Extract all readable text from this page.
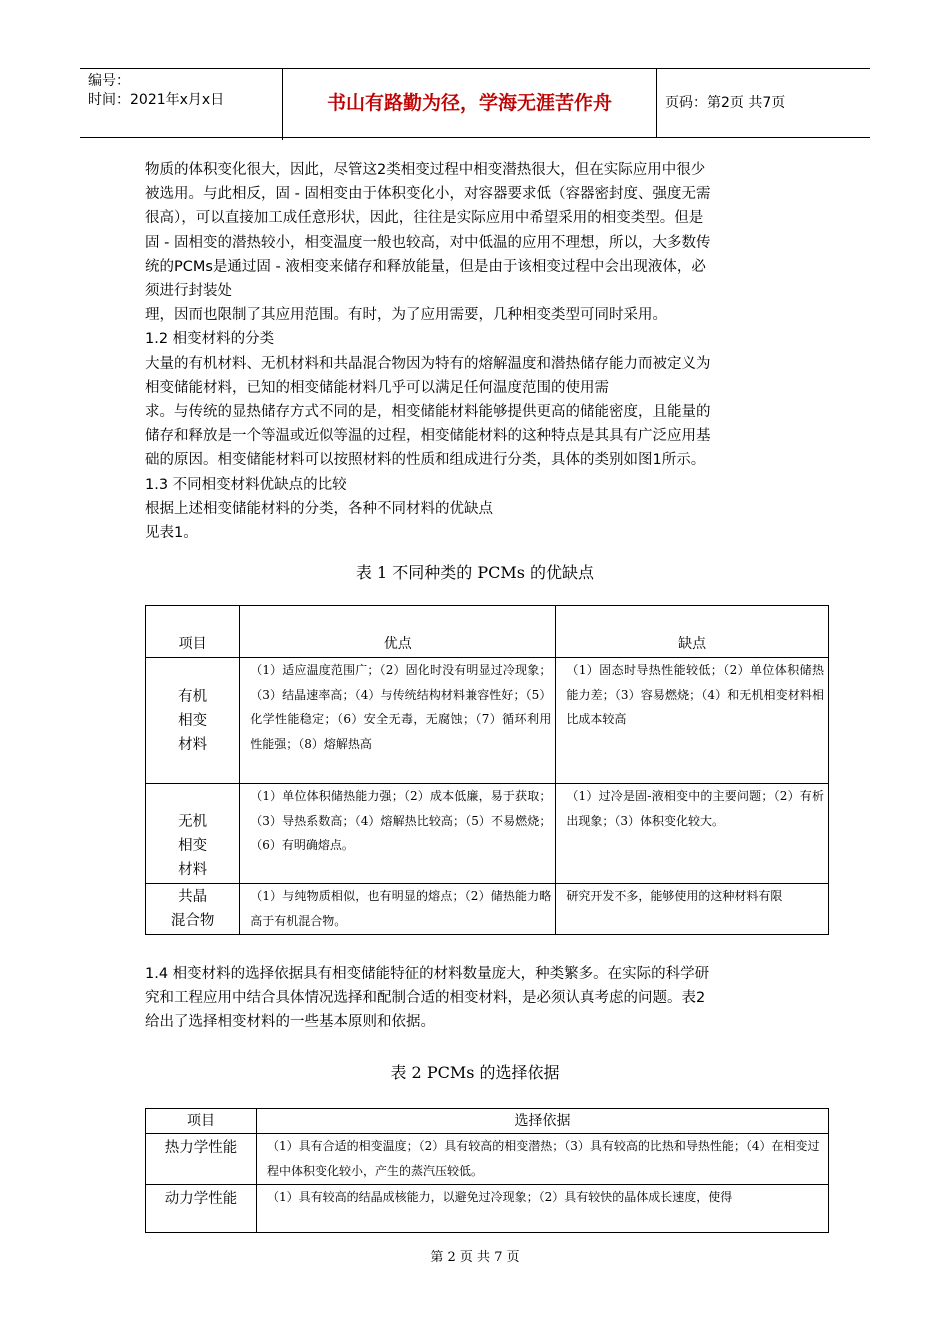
编号：
时间：2021年x月x日	书山有路勤为径，学海无涯苦作舟	页码：第2页 共7页
物质的体积变化很大，因此，尽管这2类相变过程中相变潜热很大，但在实际应用中很少
被选用。与此相反，固 - 固相变由于体积变化小，对容器要求低（容器密封度、强度无需
很高），可以直接加工成任意形状，因此，往往是实际应用中希望采用的相变类型。但是
固 - 固相变的潜热较小，相变温度一般也较高，对中低温的应用不理想，所以，大多数传
统的PCMs是通过固 - 液相变来储存和释放能量，但是由于该相变过程中会出现液体，必
须进行封装处
理，因而也限制了其应用范围。有时，为了应用需要，几种相变类型可同时采用。
1.2 相变材料的分类
大量的有机材料、无机材料和共晶混合物因为特有的熔解温度和潜热储存能力而被定义为
相变储能材料，已知的相变储能材料几乎可以满足任何温度范围的使用需
求。与传统的显热储存方式不同的是，相变储能材料能够提供更高的储能密度，且能量的
储存和释放是一个等温或近似等温的过程，相变储能材料的这种特点是其具有广泛应用基
础的原因。相变储能材料可以按照材料的性质和组成进行分类，具体的类别如图1所示。
1.3 不同相变材料优缺点的比较
根据上述相变储能材料的分类，各种不同材料的优缺点
见表1。
表 1 不同种类的 PCMs 的优缺点
项目	优点	缺点

有机
相变
材料	（1）适应温度范围广；（2）固化时没有明显过冷现象；（3）结晶速率高；（4）与传统结构材料兼容性好；（5）化学性能稳定；（6）安全无毒，无腐蚀；（7）循环利用性能强；（8）熔解热高	（1）固态时导热性能较低；（2）单位体积储热能力差；（3）容易燃烧；（4）和无机相变材料相比成本较高

无机
相变
材料	（1）单位体积储热能力强；（2）成本低廉，易于获取；（3）导热系数高；（4）熔解热比较高；（5）不易燃烧；（6）有明确熔点。	（1）过冷是固-液相变中的主要问题；（2）有析出现象；（3）体积变化较大。

共晶
混合物	（1）与纯物质相似，也有明显的熔点；（2）储热能力略高于有机混合物。	研究开发不多，能够使用的这种材料有限
1.4 相变材料的选择依据具有相变储能特征的材料数量庞大，种类繁多。在实际的科学研
究和工程应用中结合具体情况选择和配制合适的相变材料，是必须认真考虑的问题。表2
给出了选择相变材料的一些基本原则和依据。
表 2 PCMs 的选择依据
项目	选择依据
热力学性能	（1）具有合适的相变温度；（2）具有较高的相变潜热；（3）具有较高的比热和导热性能；（4）在相变过程中体积变化较小，产生的蒸汽压较低。
动力学性能	（1）具有较高的结晶成核能力，以避免过冷现象；（2）具有较快的晶体成长速度，使得
第 2 页 共 7 页
